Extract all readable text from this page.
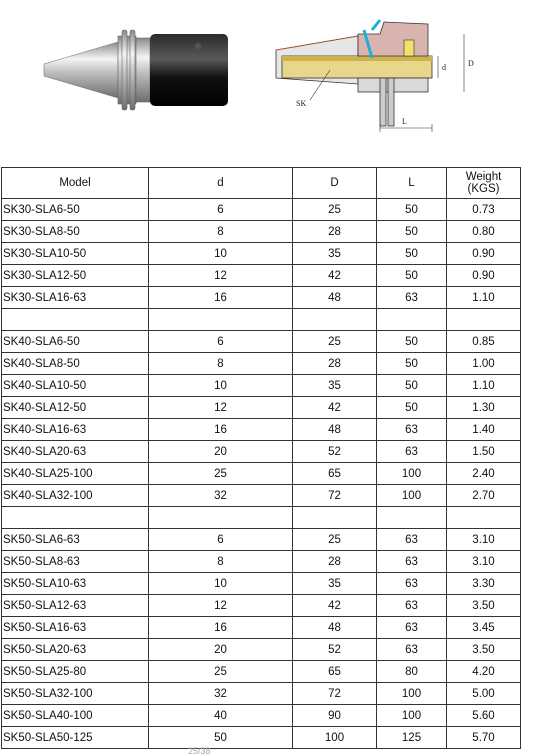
SK
d	D
L
Model	d	D	L	Weight
(KGS)
SK30-SLA6-50	6	25	50	0.73
SK30-SLA8-50	8	28	50	0.80
SK30-SLA10-50	10	35	50	0.90
SK30-SLA12-50	12	42	50	0.90
SK30-SLA16-63	16	48	63	1.10

SK40-SLA6-50	6	25	50	0.85
SK40-SLA8-50	8	28	50	1.00
SK40-SLA10-50	10	35	50	1.10
SK40-SLA12-50	12	42	50	1.30
SK40-SLA16-63	16	48	63	1.40
SK40-SLA20-63	20	52	63	1.50
SK40-SLA25-100	25	65	100	2.40
SK40-SLA32-100	32	72	100	2.70

SK50-SLA6-63	6	25	63	3.10
SK50-SLA8-63	8	28	63	3.10
SK50-SLA10-63	10	35	63	3.30
SK50-SLA12-63	12	42	63	3.50
SK50-SLA16-63	16	48	63	3.45
SK50-SLA20-63	20	52	63	3.50
SK50-SLA25-80	25	65	80	4.20
SK50-SLA32-100	32	72	100	5.00
SK50-SLA40-100	40	90	100	5.60
SK50-SLA50-125	50	100	125	5.70
25/38
